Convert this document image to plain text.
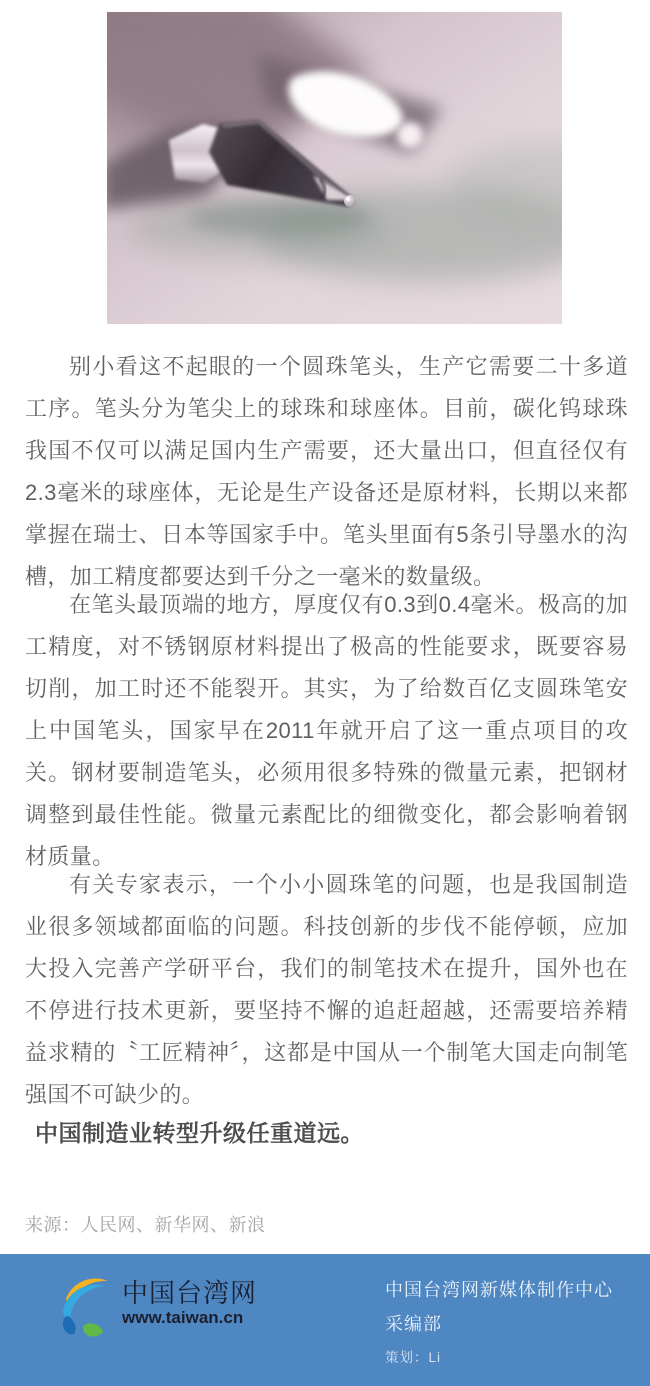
别小看这不起眼的一个圆珠笔头，生产它需要二十多道工序。笔头分为笔尖上的球珠和球座体。目前，碳化钨球珠我国不仅可以满足国内生产需要，还大量出口，但直径仅有2.3毫米的球座体，无论是生产设备还是原材料，长期以来都掌握在瑞士、日本等国家手中。笔头里面有5条引导墨水的沟槽，加工精度都要达到千分之一毫米的数量级。

在笔头最顶端的地方，厚度仅有0.3到0.4毫米。极高的加工精度，对不锈钢原材料提出了极高的性能要求，既要容易切削，加工时还不能裂开。其实，为了给数百亿支圆珠笔安上中国笔头，国家早在2011年就开启了这一重点项目的攻关。钢材要制造笔头，必须用很多特殊的微量元素，把钢材调整到最佳性能。微量元素配比的细微变化，都会影响着钢材质量。

有关专家表示，一个小小圆珠笔的问题，也是我国制造业很多领域都面临的问题。科技创新的步伐不能停顿，应加大投入完善产学研平台，我们的制笔技术在提升，国外也在不停进行技术更新，要坚持不懈的追赶超越，还需要培养精益求精的〝工匠精神〞，这都是中国从一个制笔大国走向制笔强国不可缺少的。

中国制造业转型升级任重道远。
来源：人民网、新华网、新浪
中国台湾网
www.taiwan.cn
中国台湾网新媒体制作中心
采编部
策划：Li
